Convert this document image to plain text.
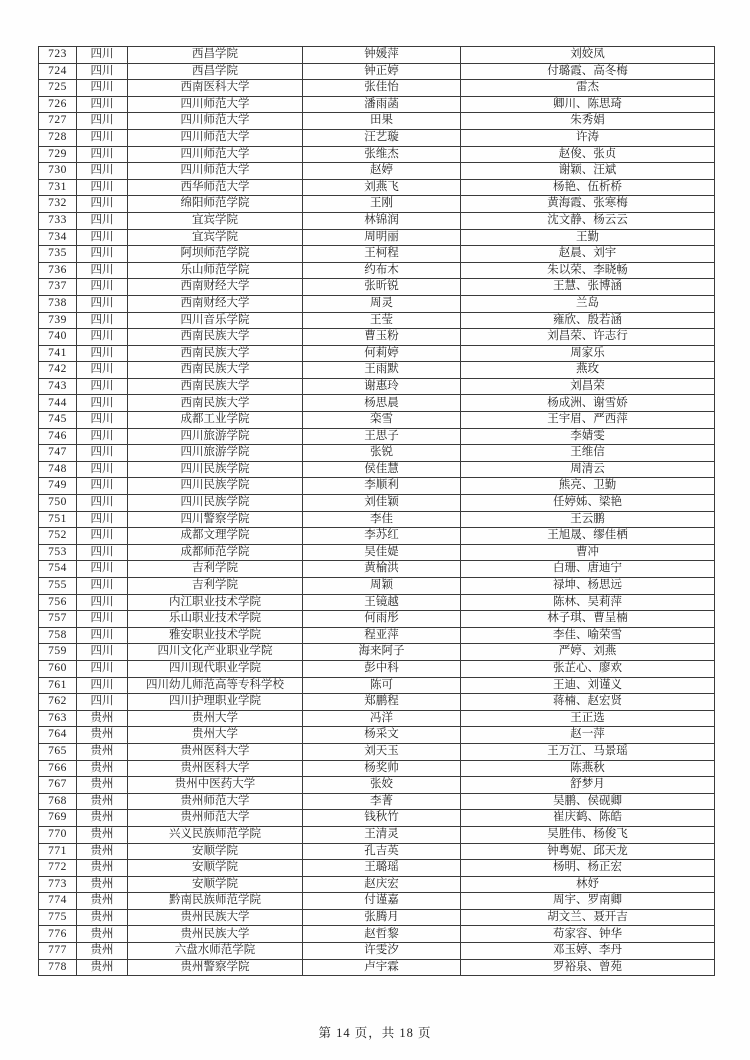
723	四川	西昌学院	钟媛萍	刘姣凤
724	四川	西昌学院	钟正婷	付璐霞、高冬梅
725	四川	西南医科大学	张佳怡	雷杰
726	四川	四川师范大学	潘雨菡	卿川、陈思琦
727	四川	四川师范大学	田果	朱秀娟
728	四川	四川师范大学	汪艺璇	许涛
729	四川	四川师范大学	张维杰	赵俊、张贞
730	四川	四川师范大学	赵婷	谢颖、汪斌
731	四川	西华师范大学	刘燕飞	杨艳、伍析桥
732	四川	绵阳师范学院	王刚	黄海霞、张寒梅
733	四川	宜宾学院	林锦润	沈文静、杨云云
734	四川	宜宾学院	周明丽	王勤
735	四川	阿坝师范学院	王柯程	赵晨、刘宇
736	四川	乐山师范学院	约布木	朱以荣、李晓畅
737	四川	西南财经大学	张昕锐	王慧、张博涵
738	四川	西南财经大学	周灵	兰岛
739	四川	四川音乐学院	王莹	雍欣、殷若涵
740	四川	西南民族大学	曹玉粉	刘昌荣、许志行
741	四川	西南民族大学	何莉婷	周家乐
742	四川	西南民族大学	王雨默	燕玫
743	四川	西南民族大学	谢惠玲	刘昌荣
744	四川	西南民族大学	杨思晨	杨成洲、谢雪娇
745	四川	成都工业学院	栾雪	王宇眉、严西萍
746	四川	四川旅游学院	王思子	李婧雯
747	四川	四川旅游学院	张锐	王维信
748	四川	四川民族学院	侯佳慧	周清云
749	四川	四川民族学院	李顺利	熊亮、卫勤
750	四川	四川民族学院	刘佳颖	任婷姊、梁艳
751	四川	四川警察学院	李佳	王云鹏
752	四川	成都文理学院	李苏红	王旭晟、缪佳栖
753	四川	成都师范学院	吴佳媞	曹冲
754	四川	吉利学院	黄榆洪	白珊、唐迪宁
755	四川	吉利学院	周颖	禄坤、杨思远
756	四川	内江职业技术学院	王镜越	陈林、吴莉萍
757	四川	乐山职业技术学院	何雨彤	林子琪、曹呈楠
758	四川	雅安职业技术学院	程亚萍	李佳、喻荣雪
759	四川	四川文化产业职业学院	海来阿子	严婷、刘燕
760	四川	四川现代职业学院	彭中科	张芷心、廖欢
761	四川	四川幼儿师范高等专科学校	陈可	王迪、刘谨义
762	四川	四川护理职业学院	郑鹏程	蒋楠、赵宏贤
763	贵州	贵州大学	冯洋	王正选
764	贵州	贵州大学	杨采文	赵一萍
765	贵州	贵州医科大学	刘天玉	王万江、马景瑶
766	贵州	贵州医科大学	杨奖帅	陈燕秋
767	贵州	贵州中医药大学	张姣	舒梦月
768	贵州	贵州师范大学	李菁	吴鹏、侯砚卿
769	贵州	贵州师范大学	钱秋竹	崔庆鹤、陈皓
770	贵州	兴义民族师范学院	王清灵	吴胜伟、杨俊飞
771	贵州	安顺学院	孔吉英	钟粤妮、邱天龙
772	贵州	安顺学院	王璐瑶	杨明、杨正宏
773	贵州	安顺学院	赵庆宏	林妤
774	贵州	黔南民族师范学院	付谨嘉	周宇、罗南卿
775	贵州	贵州民族大学	张腾月	胡文兰、聂开吉
776	贵州	贵州民族大学	赵哲黎	苟家容、钟华
777	贵州	六盘水师范学院	许雯汐	邓玉婷、李丹
778	贵州	贵州警察学院	卢宇霖	罗裕泉、曾苑
第 14 页，共 18 页
